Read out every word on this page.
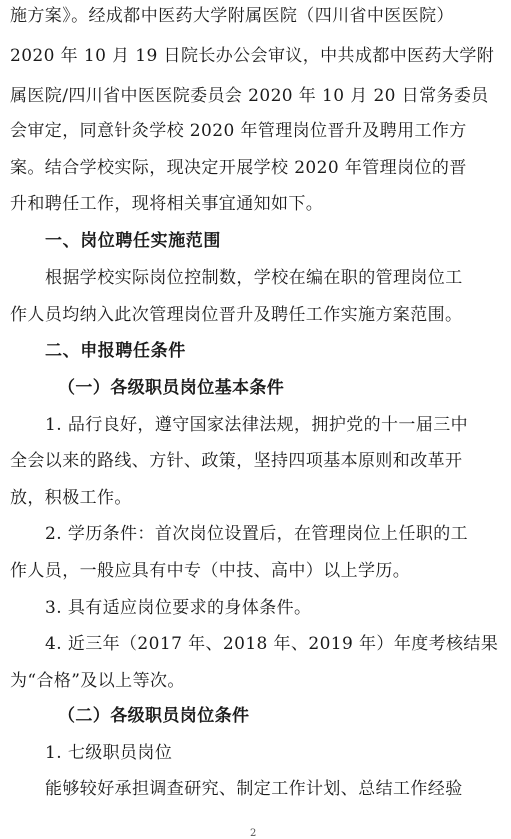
施方案》。经成都中医药大学附属医院（四川省中医医院）
2020 年 10 月 19 日院长办公会审议，中共成都中医药大学附
属医院/四川省中医医院委员会 2020 年 10 月 20 日常务委员
会审定，同意针灸学校 2020 年管理岗位晋升及聘用工作方
案。结合学校实际，现决定开展学校 2020 年管理岗位的晋
升和聘任工作，现将相关事宜通知如下。
一、岗位聘任实施范围
根据学校实际岗位控制数，学校在编在职的管理岗位工
作人员均纳入此次管理岗位晋升及聘任工作实施方案范围。
二、申报聘任条件
（一）各级职员岗位基本条件
1. 品行良好，遵守国家法律法规，拥护党的十一届三中
全会以来的路线、方针、政策，坚持四项基本原则和改革开
放，积极工作。
2. 学历条件：首次岗位设置后，在管理岗位上任职的工
作人员，一般应具有中专（中技、高中）以上学历。
3. 具有适应岗位要求的身体条件。
4. 近三年（2017 年、2018 年、2019 年）年度考核结果
为“合格”及以上等次。
（二）各级职员岗位条件
1. 七级职员岗位
能够较好承担调查研究、制定工作计划、总结工作经验
2
